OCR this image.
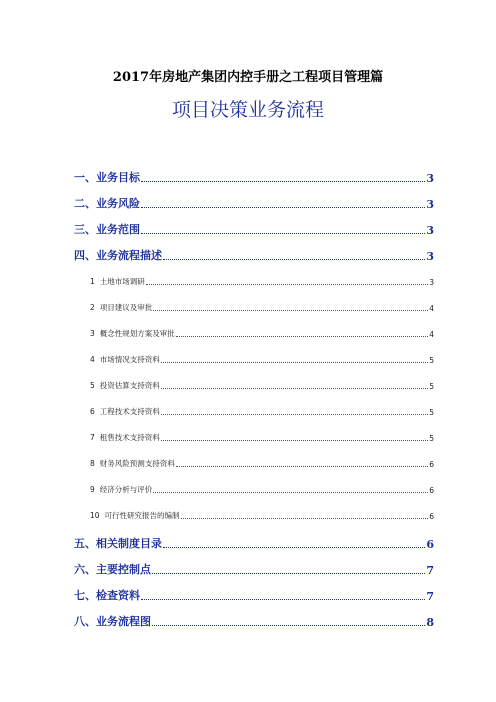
2017年房地产集团内控手册之工程项目管理篇
项目决策业务流程
一、业务目标	3
二、业务风险	3
三、业务范围	3
四、业务流程描述	3
1 土地市场调研	3
2 项目建议及审批	4
3 概念性规划方案及审批	4
4 市场情况支持资料	5
5 投资估算支持资料	5
6 工程技术支持资料	5
7 租售技术支持资料	5
8 财务风险预测支持资料	6
9 经济分析与评价	6
10 可行性研究报告的编制	6
五、相关制度目录	6
六、主要控制点	7
七、检查资料	7
八、业务流程图	8
